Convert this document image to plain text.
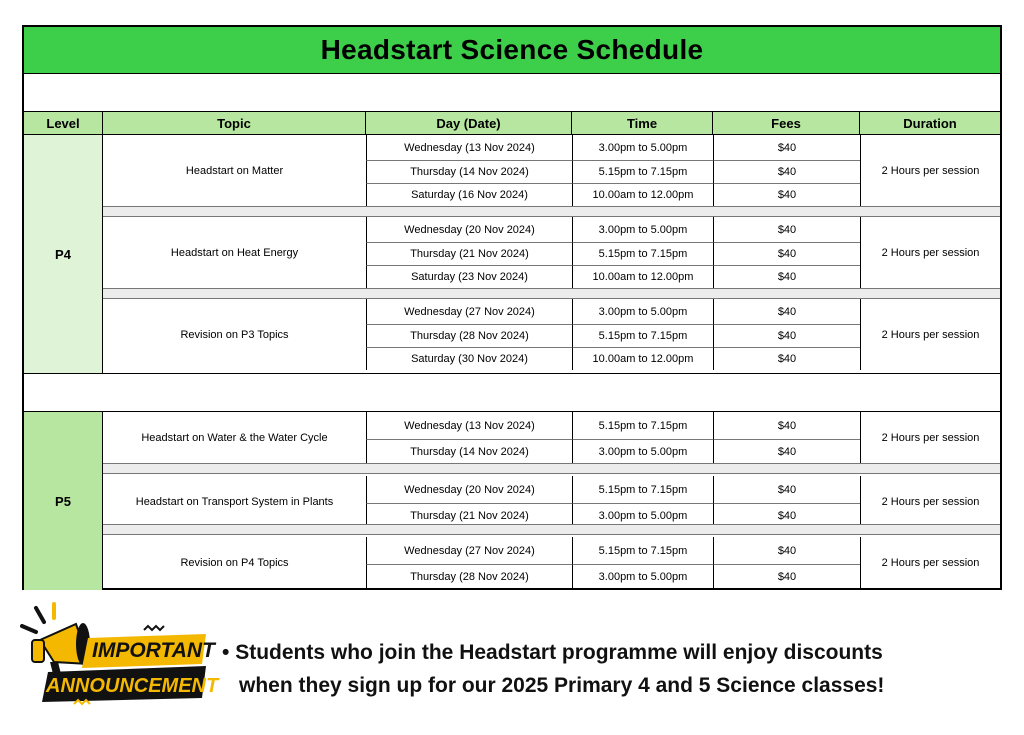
Headstart Science Schedule
Level	Topic	Day (Date)	Time	Fees	Duration
P4
Headstart on Matter	2 Hours per session
Wednesday (13 Nov 2024)	3.00pm to 5.00pm	$40
Thursday (14 Nov 2024)	5.15pm to 7.15pm	$40
Saturday (16 Nov 2024)	10.00am to 12.00pm	$40
Headstart on Heat Energy	2 Hours per session
Wednesday (20 Nov 2024)	3.00pm to 5.00pm	$40
Thursday (21 Nov 2024)	5.15pm to 7.15pm	$40
Saturday (23 Nov 2024)	10.00am to 12.00pm	$40
Revision on P3 Topics	2 Hours per session
Wednesday (27 Nov 2024)	3.00pm to 5.00pm	$40
Thursday (28 Nov 2024)	5.15pm to 7.15pm	$40
Saturday (30 Nov 2024)	10.00am to 12.00pm	$40
P5
Headstart on Water & the Water Cycle	2 Hours per session
Wednesday (13 Nov 2024)	5.15pm to 7.15pm	$40
Thursday (14 Nov 2024)	3.00pm to 5.00pm	$40
Headstart on Transport System in Plants	2 Hours per session
Wednesday (20 Nov 2024)	5.15pm to 7.15pm	$40
Thursday (21 Nov 2024)	3.00pm to 5.00pm	$40
Revision on P4 Topics	2 Hours per session
Wednesday (27 Nov 2024)	5.15pm to 7.15pm	$40
Thursday (28 Nov 2024)	3.00pm to 5.00pm	$40
IMPORTANT
ANNOUNCEMENT
• Students who join the Headstart programme will enjoy discounts
when they sign up for our 2025 Primary 4 and 5 Science classes!
